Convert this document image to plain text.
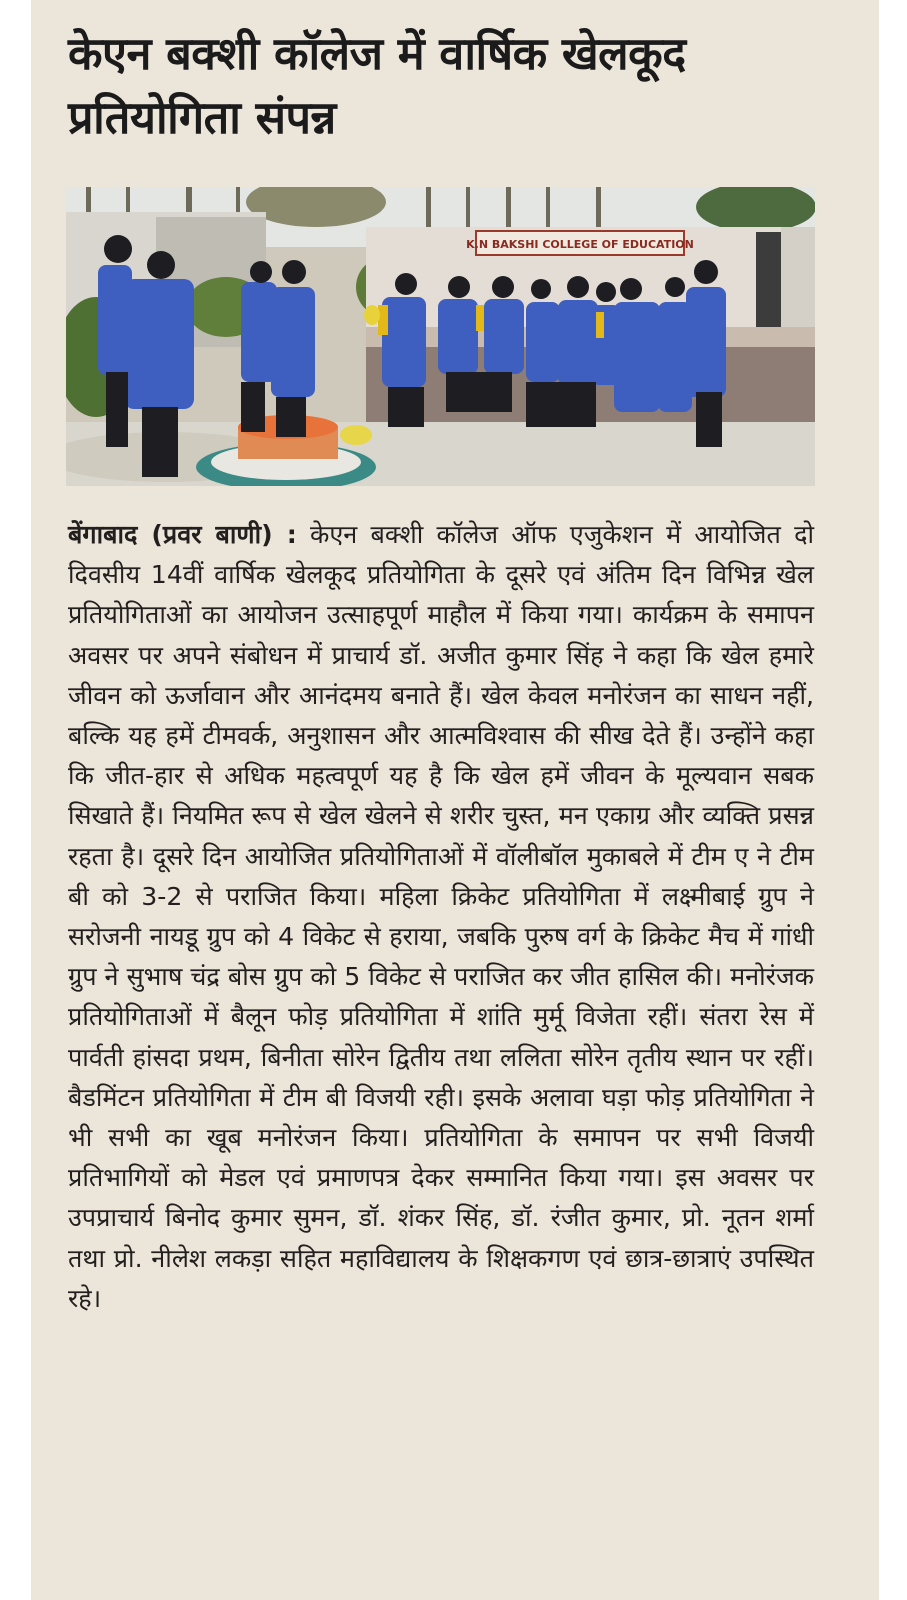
केएन बक्शी कॉलेज में वार्षिक खेलकूद प्रतियोगिता संपन्न
K.N BAKSHI COLLEGE OF EDUCATION

बेंगाबाद (प्रवर बाणी) : केएन बक्शी कॉलेज ऑफ एजुकेशन में आयोजित दो दिवसीय 14वीं वार्षिक खेलकूद प्रतियोगिता के दूसरे एवं अंतिम दिन विभिन्न खेल प्रतियोगिताओं का आयोजन उत्साहपूर्ण माहौल में किया गया। कार्यक्रम के समापन अवसर पर अपने संबोधन में प्राचार्य डॉ. अजीत कुमार सिंह ने कहा कि खेल हमारे जीवन को ऊर्जावान और आनंदमय बनाते हैं। खेल केवल मनोरंजन का साधन नहीं, बल्कि यह हमें टीमवर्क, अनुशासन और आत्मविश्वास की सीख देते हैं। उन्होंने कहा कि जीत-हार से अधिक महत्वपूर्ण यह है कि खेल हमें जीवन के मूल्यवान सबक सिखाते हैं। नियमित रूप से खेल खेलने से शरीर चुस्त, मन एकाग्र और व्यक्ति प्रसन्न रहता है। दूसरे दिन आयोजित प्रतियोगिताओं में वॉलीबॉल मुकाबले में टीम ए ने टीम बी को 3-2 से पराजित किया। महिला क्रिकेट प्रतियोगिता में लक्ष्मीबाई ग्रुप ने सरोजनी नायडू ग्रुप को 4 विकेट से हराया, जबकि पुरुष वर्ग के क्रिकेट मैच में गांधी ग्रुप ने सुभाष चंद्र बोस ग्रुप को 5 विकेट से पराजित कर जीत हासिल की। मनोरंजक प्रतियोगिताओं में बैलून फोड़ प्रतियोगिता में शांति मुर्मू विजेता रहीं। संतरा रेस में पार्वती हांसदा प्रथम, बिनीता सोरेन द्वितीय तथा ललिता सोरेन तृतीय स्थान पर रहीं। बैडमिंटन प्रतियोगिता में टीम बी विजयी रही। इसके अलावा घड़ा फोड़ प्रतियोगिता ने भी सभी का खूब मनोरंजन किया। प्रतियोगिता के समापन पर सभी विजयी प्रतिभागियों को मेडल एवं प्रमाणपत्र देकर सम्मानित किया गया। इस अवसर पर उपप्राचार्य बिनोद कुमार सुमन, डॉ. शंकर सिंह, डॉ. रंजीत कुमार, प्रो. नूतन शर्मा तथा प्रो. नीलेश लकड़ा सहित महाविद्यालय के शिक्षकगण एवं छात्र-छात्राएं उपस्थित रहे।
